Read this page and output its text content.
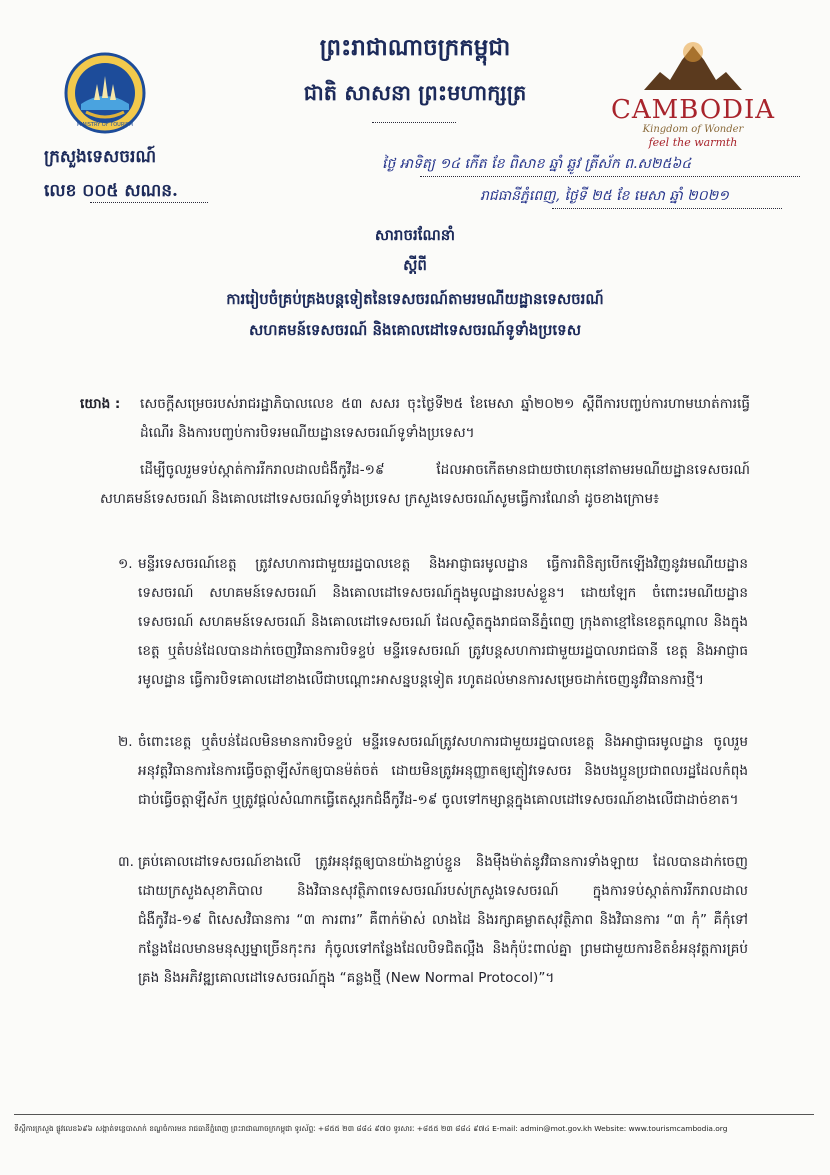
MINISTRY OF TOURISM
ព្រះរាជាណាចក្រកម្ពុជា
ជាតិ សាសនា ព្រះមហាក្សត្រ
CAMBODIA
Kingdom of Wonder
feel the warmth
ក្រសួងទេសចរណ៍
លេខ ០០៥ សណន.
ថ្ងៃ អាទិត្យ ១៤ កើត ខែ ពិសាខ ឆ្នាំ ឆ្លូវ ត្រីស័ក ព.ស២៥៦៤
រាជធានីភ្នំពេញ, ថ្ងៃទី ២៥ ខែ មេសា ឆ្នាំ ២០២១
សារាចរណែនាំ
ស្ដីពី
ការរៀបចំគ្រប់គ្រងបន្តទៀតនៃទេសចរណ៍តាមរមណីយដ្ឋានទេសចរណ៍
សហគមន៍ទេសចរណ៍ និងគោលដៅទេសចរណ៍ទូទាំងប្រទេស
យោង : សេចក្ដីសម្រេចរបស់រាជរដ្ឋាភិបាលលេខ ៥៣ សសរ ចុះថ្ងៃទី២៥ ខែមេសា ឆ្នាំ២០២១ ស្ដីពីការបញ្ចប់ការហាមឃាត់ការធ្វើដំណើរ និងការបញ្ចប់ការបិទរមណីយដ្ឋានទេសចរណ៍ទូទាំងប្រទេស។
ដើម្បីចូលរួមទប់ស្កាត់ការរីករាលដាលជំងឺកូវីដ-១៩ ដែលអាចកើតមានជាយថាហេតុនៅតាមរមណីយដ្ឋានទេសចរណ៍ សហគមន៍ទេសចរណ៍ និងគោលដៅទេសចរណ៍ទូទាំងប្រទេស ក្រសួងទេសចរណ៍សូមធ្វើការណែនាំ ដូចខាងក្រោម៖
១. មន្ទីរទេសចរណ៍ខេត្ត ត្រូវសហការជាមួយរដ្ឋបាលខេត្ត និងអាជ្ញាធរមូលដ្ឋាន ធ្វើការពិនិត្យបើកឡើងវិញនូវរមណីយដ្ឋានទេសចរណ៍ សហគមន៍ទេសចរណ៍ និងគោលដៅទេសចរណ៍ក្នុងមូលដ្ឋានរបស់ខ្លួន។ ដោយឡែក ចំពោះរមណីយដ្ឋានទេសចរណ៍ សហគមន៍ទេសចរណ៍ និងគោលដៅទេសចរណ៍ ដែលស្ថិតក្នុងរាជធានីភ្នំពេញ ក្រុងតាខ្មៅនៃខេត្តកណ្ដាល និងក្នុងខេត្ត ឬតំបន់ដែលបានដាក់ចេញវិធានការបិទខ្ទប់ មន្ទីរទេសចរណ៍ ត្រូវបន្តសហការជាមួយរដ្ឋបាលរាជធានី ខេត្ត និងអាជ្ញាធរមូលដ្ឋាន ធ្វើការបិទគោលដៅខាងលើជាបណ្ដោះអាសន្នបន្តទៀត រហូតដល់មានការសម្រេចដាក់ចេញនូវវិធានការថ្មី។
២. ចំពោះខេត្ត ឬតំបន់ដែលមិនមានការបិទខ្ទប់ មន្ទីរទេសចរណ៍ត្រូវសហការជាមួយរដ្ឋបាលខេត្ត និងអាជ្ញាធរមូលដ្ឋាន ចូលរួមអនុវត្តវិធានការនៃការធ្វើចត្តាឡីស័កឲ្យបានម៉ត់ចត់ ដោយមិនត្រូវអនុញ្ញាតឲ្យភ្ញៀវទេសចរ និងបងប្អូនប្រជាពលរដ្ឋដែលកំពុងជាប់ធ្វើចត្តាឡីស័ក ឬត្រូវផ្ដល់សំណាកធ្វើតេស្តរកជំងឺកូវីដ-១៩ ចូលទៅកម្សាន្តក្នុងគោលដៅទេសចរណ៍ខាងលើជាដាច់ខាត។
៣. គ្រប់គោលដៅទេសចរណ៍ខាងលើ ត្រូវអនុវត្តឲ្យបានយ៉ាងខ្ជាប់ខ្ជួន និងម៉ឺងម៉ាត់នូវវិធានការទាំងឡាយ ដែលបានដាក់ចេញដោយក្រសួងសុខាភិបាល និងវិធានសុវត្ថិភាពទេសចរណ៍របស់ក្រសួងទេសចរណ៍ ក្នុងការទប់ស្កាត់ការរីករាលដាលជំងឺកូវីដ-១៩ ពិសេសវិធានការ “៣ ការពារ” គឺពាក់ម៉ាស់ លាងដៃ និងរក្សាគម្លាតសុវត្ថិភាព និងវិធានការ “៣ កុំ” គឺកុំទៅកន្លែងដែលមានមនុស្សម្នាច្រើនកុះករ កុំចូលទៅកន្លែងដែលបិទជិតល្អឹង និងកុំប៉ះពាល់គ្នា ព្រមជាមួយការខិតខំអនុវត្តការគ្រប់គ្រង និងអភិវឌ្ឍគោលដៅទេសចរណ៍ក្នុង “គន្លងថ្មី (New Normal Protocol)”។
ទីស្តីការក្រសួង ផ្លូវលេខ៦៩៦ សង្កាត់ទន្លេបាសាក់ ខណ្ឌចំការមន រាជធានីភ្នំពេញ ព្រះរាជាណាចក្រកម្ពុជា ទូរស័ព្ទៈ +៨៥៥ ២៣ ៨៨៤ ៩៧០ ទូរសារៈ +៨៥៥ ២៣ ៨៨៤ ៩៧៤ E-mail: admin@mot.gov.kh Website: www.tourismcambodia.org
